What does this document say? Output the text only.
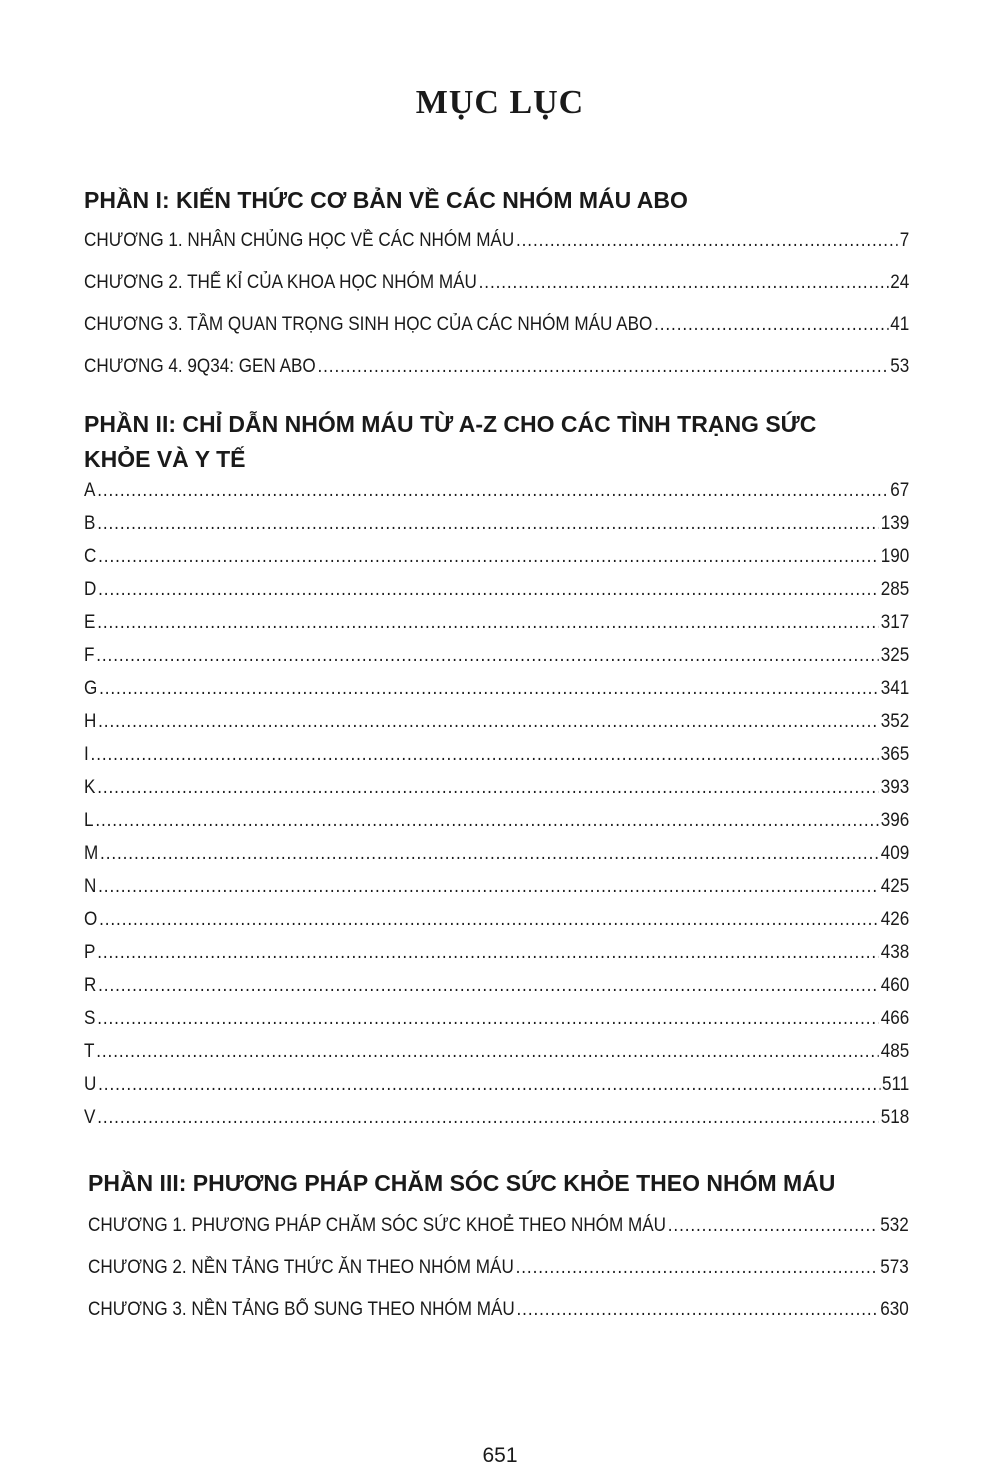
MỤC LỤC
PHẦN I: KIẾN THỨC CƠ BẢN VỀ CÁC NHÓM MÁU ABO
CHƯƠNG 1. NHÂN CHỦNG HỌC VỀ CÁC NHÓM MÁU .....	7
CHƯƠNG 2. THẾ KỈ CỦA KHOA HỌC NHÓM MÁU .....	24
CHƯƠNG 3. TẦM QUAN TRỌNG SINH HỌC CỦA CÁC NHÓM MÁU ABO .....	41
CHƯƠNG 4. 9Q34: GEN ABO .....	53
PHẦN II: CHỈ DẪN NHÓM MÁU TỪ A-Z CHO CÁC TÌNH TRẠNG SỨC
KHỎE VÀ Y TẾ
A .....	67
B .....	139
C .....	190
D .....	285
E .....	317
F .....	325
G .....	341
H .....	352
I .....	365
K .....	393
L .....	396
M .....	409
N .....	425
O .....	426
P .....	438
R .....	460
S .....	466
T .....	485
U .....	511
V .....	518
PHẦN III: PHƯƠNG PHÁP CHĂM SÓC SỨC KHỎE THEO NHÓM MÁU
CHƯƠNG 1. PHƯƠNG PHÁP CHĂM SÓC SỨC KHOẺ THEO NHÓM MÁU .....	532
CHƯƠNG 2. NỀN TẢNG THỨC ĂN THEO NHÓM MÁU .....	573
CHƯƠNG 3. NỀN TẢNG BỔ SUNG THEO NHÓM MÁU .....	630
651
